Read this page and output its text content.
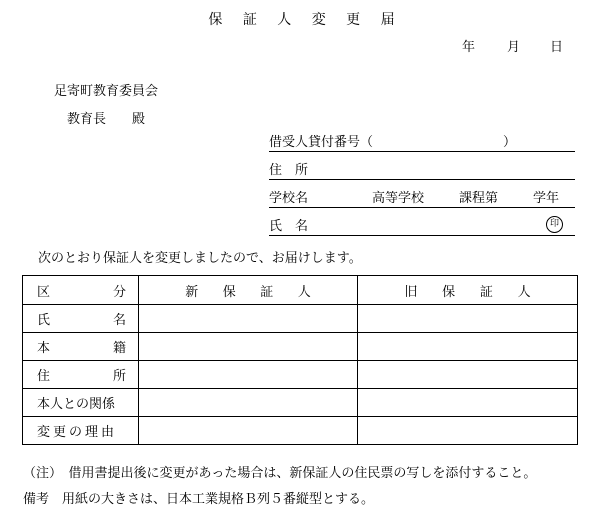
保 証 人 変 更 届
年 月 日
足寄町教育委員会
教育長　　殿
借受人貸付番号（　　　　　　　　　　）
住　所
学校名	高等学校	課程第	学年
氏　名	印
次のとおり保証人を変更しましたので、お届けします。
区 分	新 保 証 人	旧 保 証 人

氏 名		

本 籍		

住 所		

本人との関係		

変更の理由		

（注）　借用書提出後に変更があった場合は、新保証人の住民票の写しを添付すること。
備考　用紙の大きさは、日本工業規格Ｂ列５番縦型とする。
